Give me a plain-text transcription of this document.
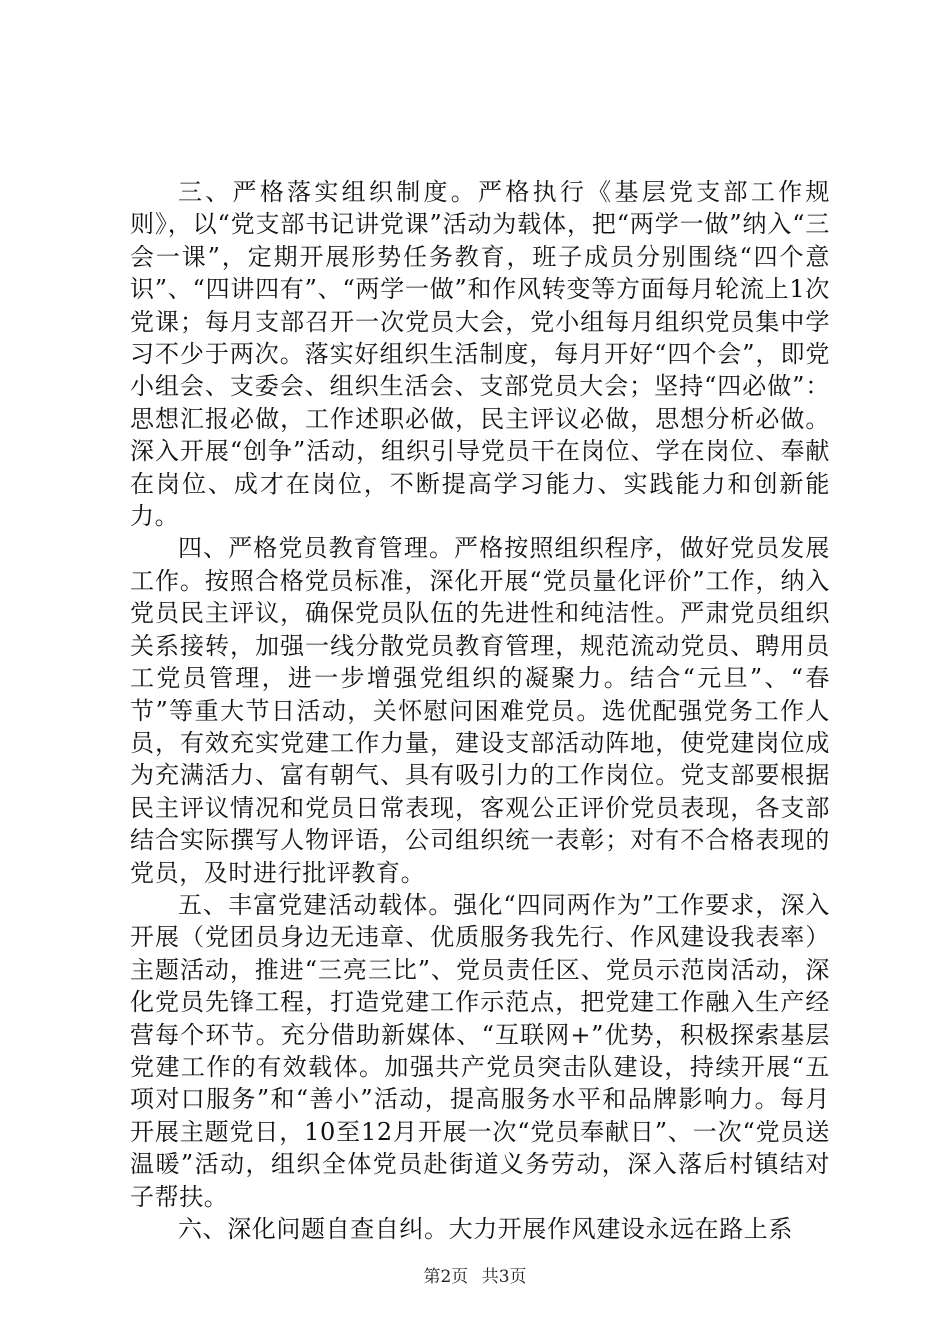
三、严格落实组织制度。严格执行《基层党支部工作规则》，以“党支部书记讲党课”活动为载体，把“两学一做”纳入“三会一课”，定期开展形势任务教育，班子成员分别围绕“四个意识”、“四讲四有”、“两学一做”和作风转变等方面每月轮流上1次党课；每月支部召开一次党员大会，党小组每月组织党员集中学习不少于两次。落实好组织生活制度，每月开好“四个会”，即党小组会、支委会、组织生活会、支部党员大会；坚持“四必做”：思想汇报必做，工作述职必做，民主评议必做，思想分析必做。深入开展“创争”活动，组织引导党员干在岗位、学在岗位、奉献在岗位、成才在岗位，不断提高学习能力、实践能力和创新能力。

四、严格党员教育管理。严格按照组织程序，做好党员发展工作。按照合格党员标准，深化开展“党员量化评价”工作，纳入党员民主评议，确保党员队伍的先进性和纯洁性。严肃党员组织关系接转，加强一线分散党员教育管理，规范流动党员、聘用员工党员管理，进一步增强党组织的凝聚力。结合“元旦”、“春节”等重大节日活动，关怀慰问困难党员。选优配强党务工作人员，有效充实党建工作力量，建设支部活动阵地，使党建岗位成为充满活力、富有朝气、具有吸引力的工作岗位。党支部要根据民主评议情况和党员日常表现，客观公正评价党员表现，各支部结合实际撰写人物评语，公司组织统一表彰；对有不合格表现的党员，及时进行批评教育。

五、丰富党建活动载体。强化“四同两作为”工作要求，深入开展（党团员身边无违章、优质服务我先行、作风建设我表率）主题活动，推进“三亮三比”、党员责任区、党员示范岗活动，深化党员先锋工程，打造党建工作示范点，把党建工作融入生产经营每个环节。充分借助新媒体、“互联网+”优势，积极探索基层党建工作的有效载体。加强共产党员突击队建设，持续开展“五项对口服务”和“善小”活动，提高服务水平和品牌影响力。每月开展主题党日，10至12月开展一次“党员奉献日”、一次“党员送温暖”活动，组织全体党员赴街道义务劳动，深入落后村镇结对子帮扶。

六、深化问题自查自纠。大力开展作风建设永远在路上系

第2页 共3页
